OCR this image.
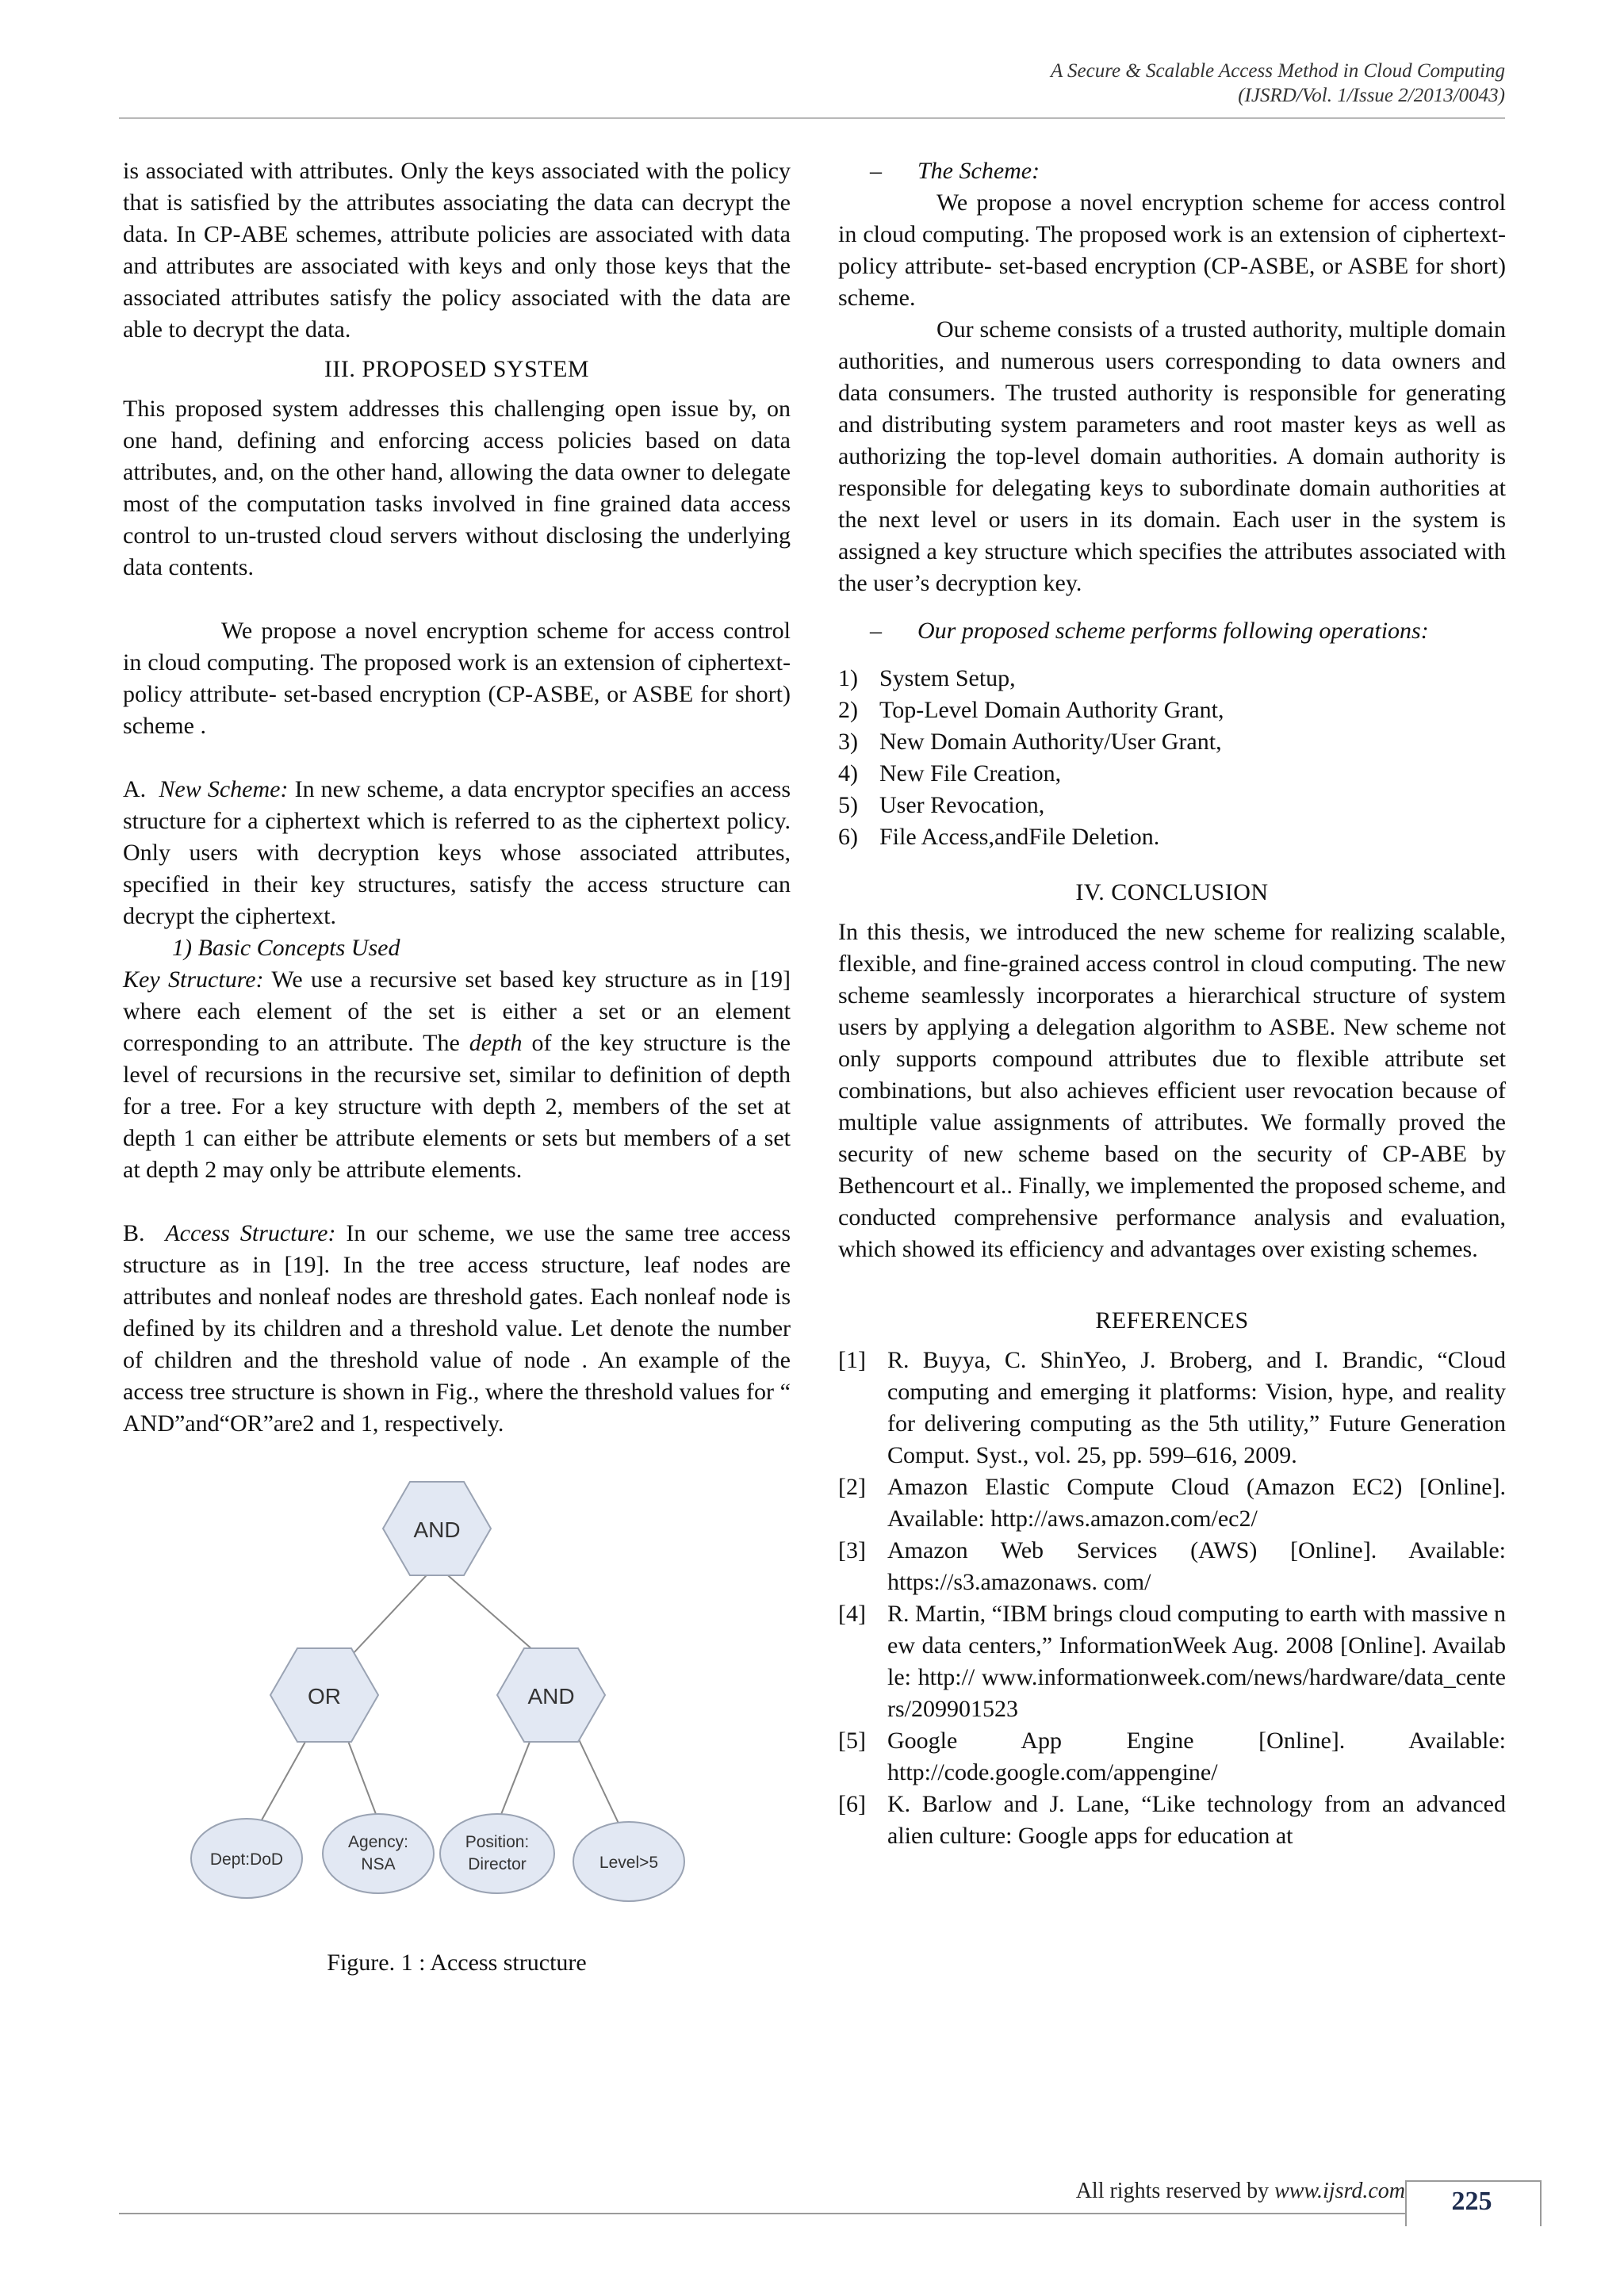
A Secure & Scalable Access Method in Cloud Computing
(IJSRD/Vol. 1/Issue 2/2013/0043)

is associated with attributes. Only the keys associated with the policy that is satisfied by the attributes associating the data can decrypt the data. In CP-ABE schemes, attribute policies are associated with data and attributes are associated with keys and only those keys that the associated attributes satisfy the policy associated with the data are able to decrypt the data.

III. PROPOSED SYSTEM

This proposed system addresses this challenging open issue by, on one hand, defining and enforcing access policies based on data attributes, and, on the other hand, allowing the data owner to delegate most of the computation tasks involved in fine grained data access control to un-trusted cloud servers without disclosing the underlying data contents.

We propose a novel encryption scheme for access control in cloud computing. The proposed work is an extension of ciphertext-policy attribute- set-based encryption (CP-ASBE, or ASBE for short) scheme .

A. New Scheme: In new scheme, a data encryptor specifies an access structure for a ciphertext which is referred to as the ciphertext policy. Only users with decryption keys whose associated attributes, specified in their key structures, satisfy the access structure can decrypt the ciphertext.

1) Basic Concepts Used

Key Structure: We use a recursive set based key structure as in [19] where each element of the set is either a set or an element corresponding to an attribute. The depth of the key structure is the level of recursions in the recursive set, similar to definition of depth for a tree. For a key structure with depth 2, members of the set at depth 1 can either be attribute elements or sets but members of a set at depth 2 may only be attribute elements.

B. Access Structure: In our scheme, we use the same tree access structure as in [19]. In the tree access structure, leaf nodes are attributes and nonleaf nodes are threshold gates. Each nonleaf node is defined by its children and a threshold value. Let denote the number of children and the threshold value of node . An example of the access tree structure is shown in Fig., where the threshold values for “ AND”and“OR”are2 and 1, respectively.

AND
OR	AND
Dept:DoD
Agency:
NSA
Position:
Director	Level>5

Figure. 1 : Access structure

–	The Scheme:

We propose a novel encryption scheme for access control in cloud computing. The proposed work is an extension of ciphertext-policy attribute- set-based encryption (CP-ASBE, or ASBE for short) scheme.

Our scheme consists of a trusted authority, multiple domain authorities, and numerous users corresponding to data owners and data consumers. The trusted authority is responsible for generating and distributing system parameters and root master keys as well as authorizing the top-level domain authorities. A domain authority is responsible for delegating keys to subordinate domain authorities at the next level or users in its domain. Each user in the system is assigned a key structure which specifies the attributes associated with the user’s decryption key.

–	Our proposed scheme performs following operations:
1) System Setup,
2) Top-Level Domain Authority Grant,
3) New Domain Authority/User Grant,
4) New File Creation,
5) User Revocation,
6) File Access,andFile Deletion.

IV. CONCLUSION

In this thesis, we introduced the new scheme for realizing scalable, flexible, and fine-grained access control in cloud computing. The new scheme seamlessly incorporates a hierarchical structure of system users by applying a delegation algorithm to ASBE. New scheme not only supports compound attributes due to flexible attribute set combinations, but also achieves efficient user revocation because of multiple value assignments of attributes. We formally proved the security of new scheme based on the security of CP-ABE by Bethencourt et al.. Finally, we implemented the proposed scheme, and conducted comprehensive performance analysis and evaluation, which showed its efficiency and advantages over existing schemes.

REFERENCES

[1] R. Buyya, C. ShinYeo, J. Broberg, and I. Brandic, “Cloud computing and emerging it platforms: Vision, hype, and reality for delivering computing as the 5th utility,” Future Generation Comput. Syst., vol. 25, pp. 599–616, 2009.
[2] Amazon Elastic Compute Cloud (Amazon EC2) [Online]. Available: http://aws.amazon.com/ec2/
[3] Amazon Web Services (AWS) [Online]. Available: https://s3.amazonaws. com/
[4] R. Martin, “IBM brings cloud computing to earth with massive new data centers,” InformationWeek Aug. 2008 [Online]. Available: http:// www.informationweek.com/news/hardware/data_centers/209901523
[5] Google App Engine [Online]. Available: http://code.google.com/appengine/
[6] K. Barlow and J. Lane, “Like technology from an advanced alien culture: Google apps for education at
All rights reserved by www.ijsrd.com	225
